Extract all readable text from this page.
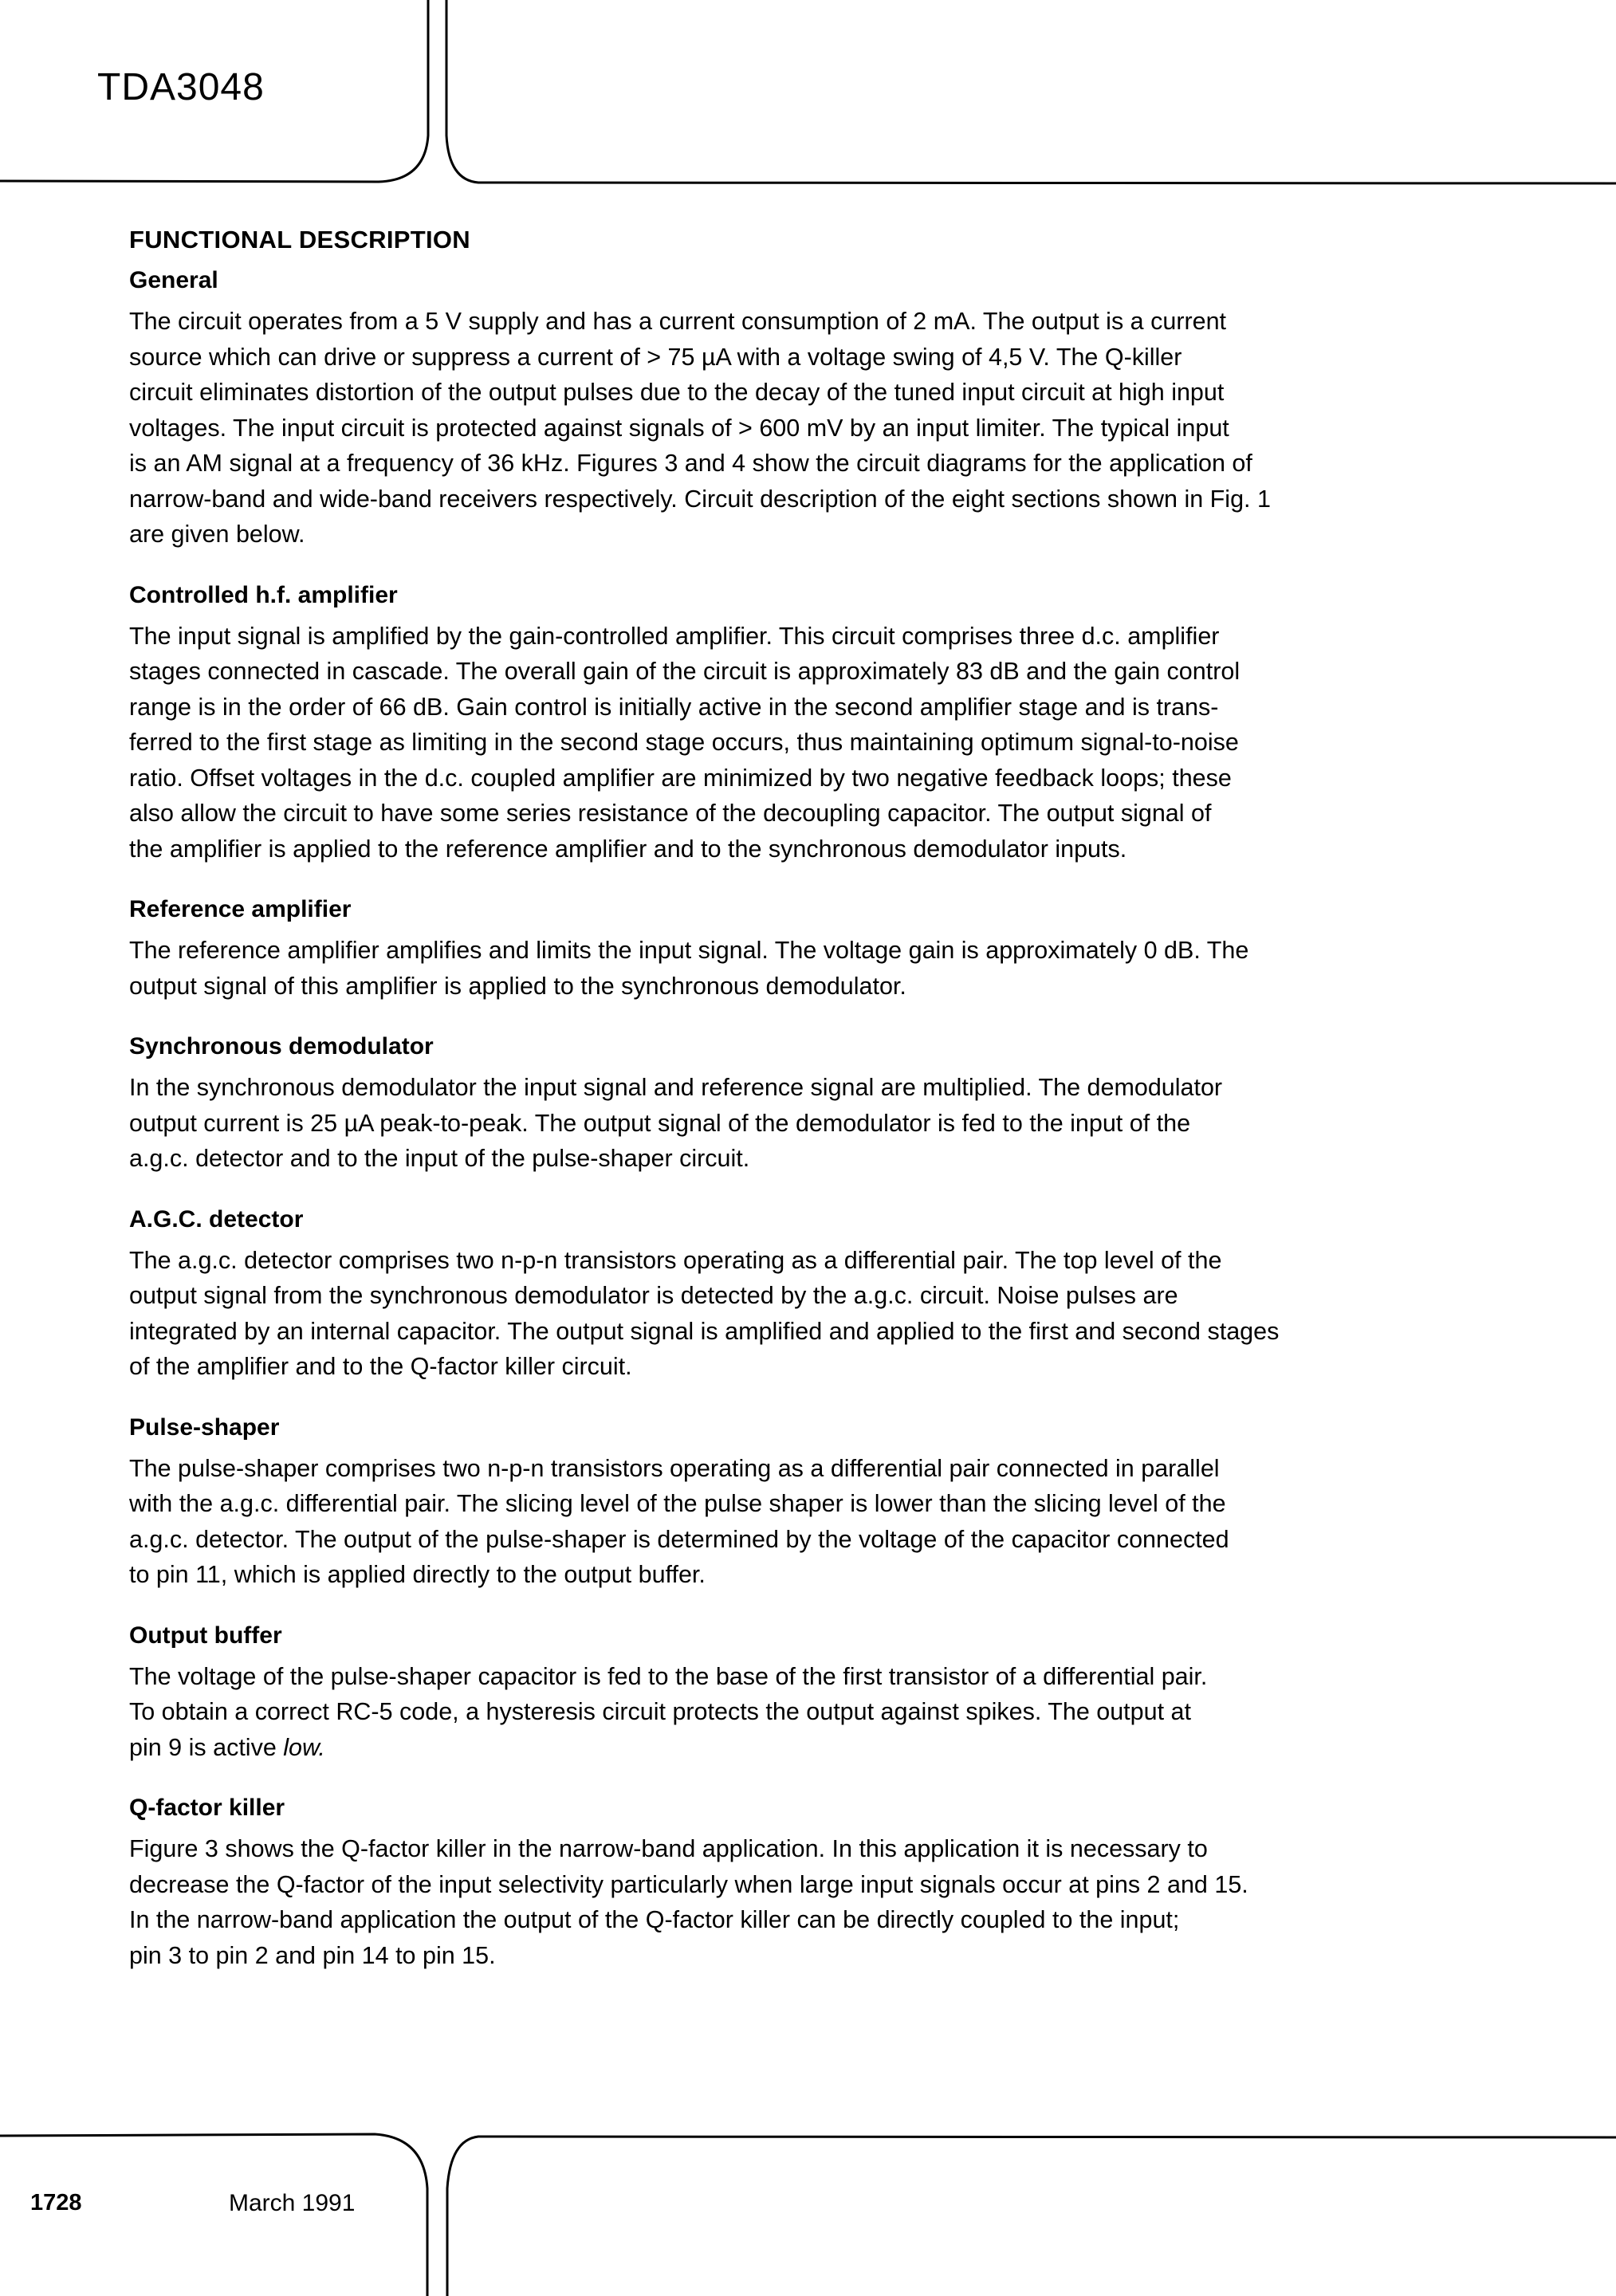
TDA3048
FUNCTIONAL DESCRIPTION
General
The circuit operates from a 5 V supply and has a current consumption of 2 mA. The output is a current
source which can drive or suppress a current of > 75 µA with a voltage swing of 4,5 V. The Q-killer
circuit eliminates distortion of the output pulses due to the decay of the tuned input circuit at high input
voltages. The input circuit is protected against signals of > 600 mV by an input limiter. The typical input
is an AM signal at a frequency of 36 kHz. Figures 3 and 4 show the circuit diagrams for the application of
narrow-band and wide-band receivers respectively. Circuit description of the eight sections shown in Fig. 1
are given below.
Controlled h.f. amplifier
The input signal is amplified by the gain-controlled amplifier. This circuit comprises three d.c. amplifier
stages connected in cascade. The overall gain of the circuit is approximately 83 dB and the gain control
range is in the order of 66 dB. Gain control is initially active in the second amplifier stage and is trans-
ferred to the first stage as limiting in the second stage occurs, thus maintaining optimum signal-to-noise
ratio. Offset voltages in the d.c. coupled amplifier are minimized by two negative feedback loops; these
also allow the circuit to have some series resistance of the decoupling capacitor. The output signal of
the amplifier is applied to the reference amplifier and to the synchronous demodulator inputs.
Reference amplifier
The reference amplifier amplifies and limits the input signal. The voltage gain is approximately 0 dB. The
output signal of this amplifier is applied to the synchronous demodulator.
Synchronous demodulator
In the synchronous demodulator the input signal and reference signal are multiplied. The demodulator
output current is 25 µA peak-to-peak. The output signal of the demodulator is fed to the input of the
a.g.c. detector and to the input of the pulse-shaper circuit.
A.G.C. detector
The a.g.c. detector comprises two n-p-n transistors operating as a differential pair. The top level of the
output signal from the synchronous demodulator is detected by the a.g.c. circuit. Noise pulses are
integrated by an internal capacitor. The output signal is amplified and applied to the first and second stages
of the amplifier and to the Q-factor killer circuit.
Pulse-shaper
The pulse-shaper comprises two n-p-n transistors operating as a differential pair connected in parallel
with the a.g.c. differential pair. The slicing level of the pulse shaper is lower than the slicing level of the
a.g.c. detector. The output of the pulse-shaper is determined by the voltage of the capacitor connected
to pin 11, which is applied directly to the output buffer.
Output buffer
The voltage of the pulse-shaper capacitor is fed to the base of the first transistor of a differential pair.
To obtain a correct RC-5 code, a hysteresis circuit protects the output against spikes. The output at
pin 9 is active low.
Q-factor killer
Figure 3 shows the Q-factor killer in the narrow-band application. In this application it is necessary to
decrease the Q-factor of the input selectivity particularly when large input signals occur at pins 2 and 15.
In the narrow-band application the output of the Q-factor killer can be directly coupled to the input;
pin 3 to pin 2 and pin 14 to pin 15.
1728	March 1991
